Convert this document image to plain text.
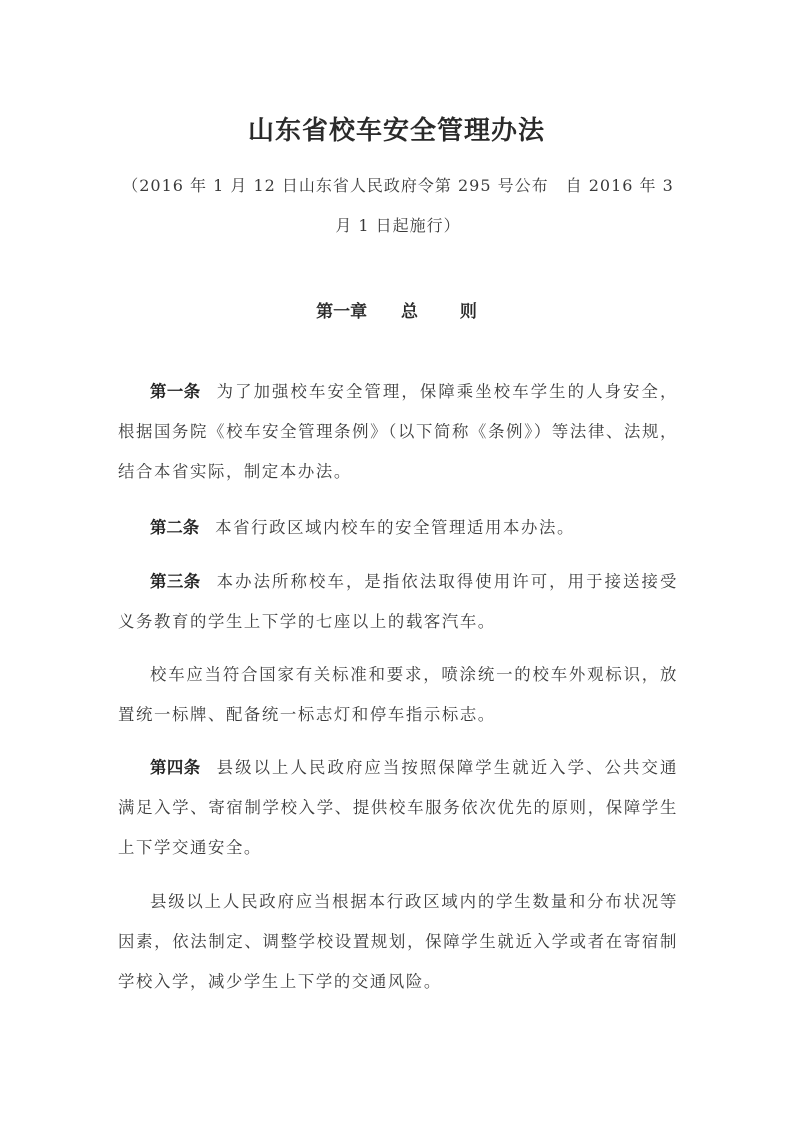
山东省校车安全管理办法
（2016 年 1 月 12 日山东省人民政府令第 295 号公布　自 2016 年 3 月 1 日起施行）
第一章 总 则

第一条 为了加强校车安全管理，保障乘坐校车学生的人身安全，根据国务院《校车安全管理条例》（以下简称《条例》）等法律、法规，结合本省实际，制定本办法。

第二条 本省行政区域内校车的安全管理适用本办法。

第三条 本办法所称校车，是指依法取得使用许可，用于接送接受义务教育的学生上下学的七座以上的载客汽车。

校车应当符合国家有关标准和要求，喷涂统一的校车外观标识，放置统一标牌、配备统一标志灯和停车指示标志。

第四条 县级以上人民政府应当按照保障学生就近入学、公共交通满足入学、寄宿制学校入学、提供校车服务依次优先的原则，保障学生上下学交通安全。

县级以上人民政府应当根据本行政区域内的学生数量和分布状况等因素，依法制定、调整学校设置规划，保障学生就近入学或者在寄宿制学校入学，减少学生上下学的交通风险。
